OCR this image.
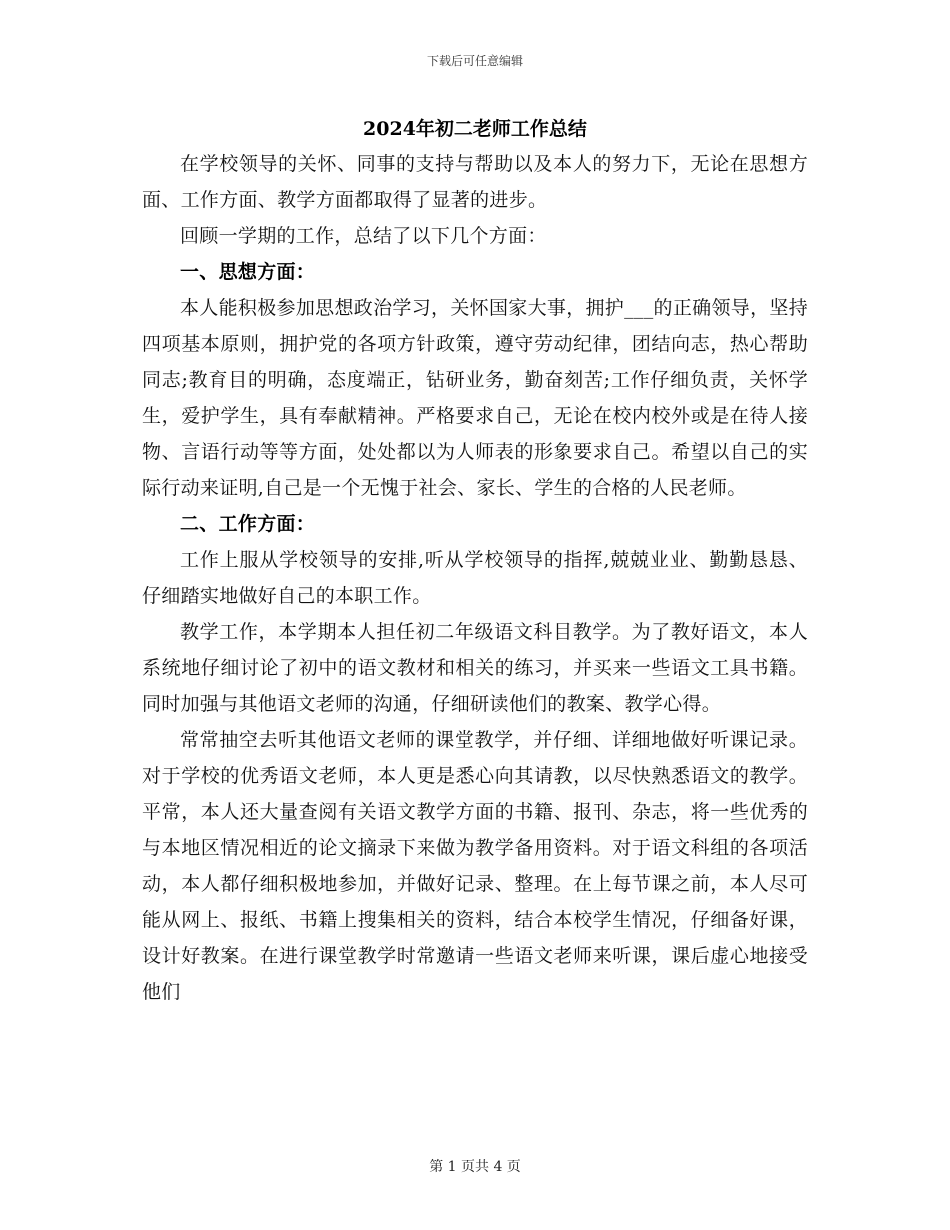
下载后可任意编辑
2024年初二老师工作总结

在学校领导的关怀、同事的支持与帮助以及本人的努力下，无论在思想方面、工作方面、教学方面都取得了显著的进步。

回顾一学期的工作，总结了以下几个方面：

一、思想方面：

本人能积极参加思想政治学习，关怀国家大事，拥护___的正确领导，坚持四项基本原则，拥护党的各项方针政策，遵守劳动纪律，团结向志，热心帮助同志;教育目的明确，态度端正，钻研业务，勤奋刻苦;工作仔细负责，关怀学生，爱护学生，具有奉献精神。严格要求自己，无论在校内校外或是在待人接物、言语行动等等方面，处处都以为人师表的形象要求自己。希望以自己的实际行动来证明,自己是一个无愧于社会、家长、学生的合格的人民老师。

二、工作方面：

工作上服从学校领导的安排,听从学校领导的指挥,兢兢业业、勤勤恳恳、仔细踏实地做好自己的本职工作。

教学工作，本学期本人担任初二年级语文科目教学。为了教好语文，本人系统地仔细讨论了初中的语文教材和相关的练习，并买来一些语文工具书籍。同时加强与其他语文老师的沟通，仔细研读他们的教案、教学心得。

常常抽空去听其他语文老师的课堂教学，并仔细、详细地做好听课记录。对于学校的优秀语文老师，本人更是悉心向其请教，以尽快熟悉语文的教学。平常，本人还大量查阅有关语文教学方面的书籍、报刊、杂志，将一些优秀的与本地区情况相近的论文摘录下来做为教学备用资料。对于语文科组的各项活动，本人都仔细积极地参加，并做好记录、整理。在上每节课之前，本人尽可能从网上、报纸、书籍上搜集相关的资料，结合本校学生情况，仔细备好课，设计好教案。在进行课堂教学时常邀请一些语文老师来听课，课后虚心地接受他们

第 1 页共 4 页
